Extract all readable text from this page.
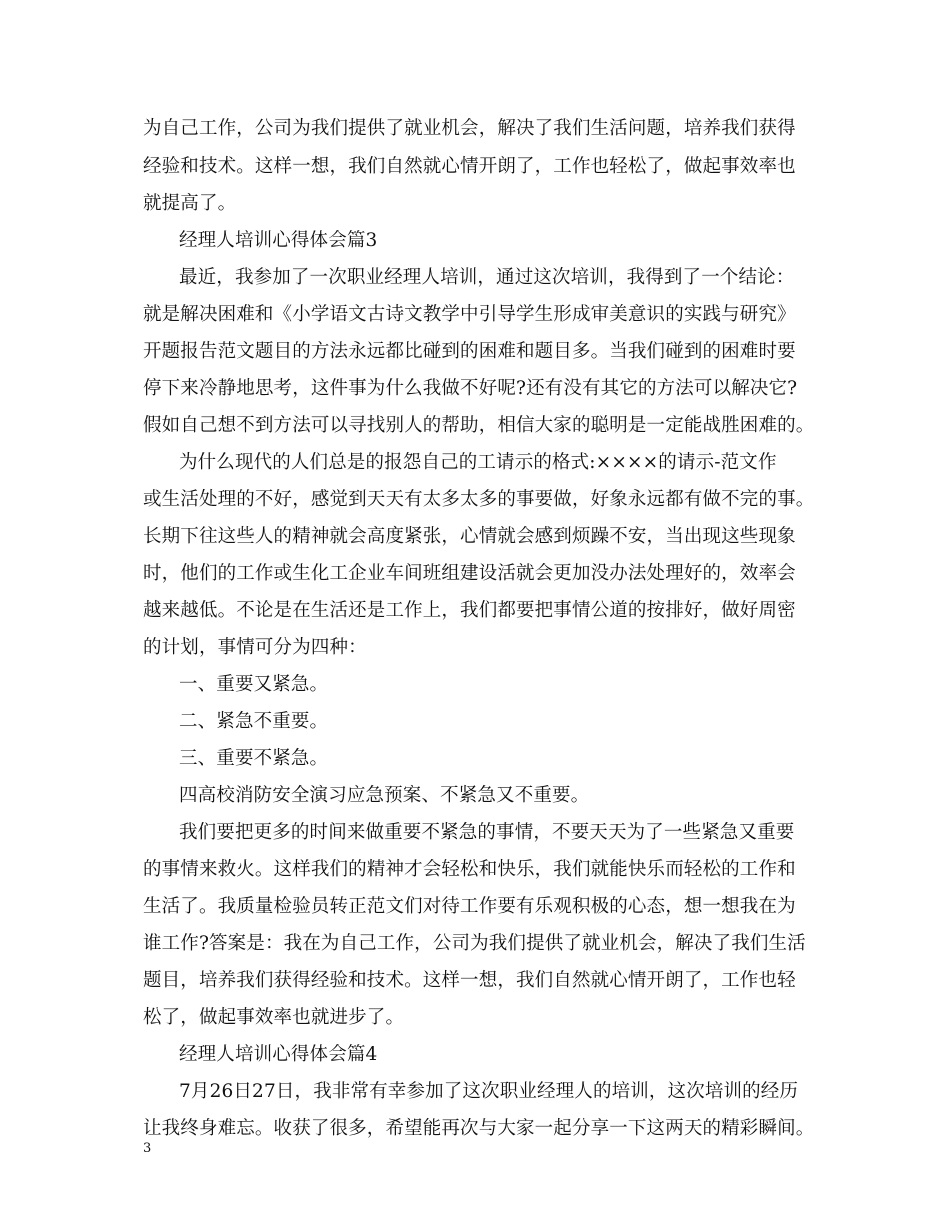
为自己工作，公司为我们提供了就业机会，解决了我们生活问题，培养我们获得
经验和技术。这样一想，我们自然就心情开朗了，工作也轻松了，做起事效率也
就提高了。
经理人培训心得体会篇3
最近，我参加了一次职业经理人培训，通过这次培训，我得到了一个结论：
就是解决困难和《小学语文古诗文教学中引导学生形成审美意识的实践与研究》
开题报告范文题目的方法永远都比碰到的困难和题目多。当我们碰到的困难时要
停下来冷静地思考，这件事为什么我做不好呢?还有没有其它的方法可以解决它?
假如自己想不到方法可以寻找别人的帮助，相信大家的聪明是一定能战胜困难的。
为什么现代的人们总是的报怨自己的工请示的格式:××××的请示-范文作
或生活处理的不好，感觉到天天有太多太多的事要做，好象永远都有做不完的事。
长期下往这些人的精神就会高度紧张，心情就会感到烦躁不安，当出现这些现象
时，他们的工作或生化工企业车间班组建设活就会更加没办法处理好的，效率会
越来越低。不论是在生活还是工作上，我们都要把事情公道的按排好，做好周密
的计划，事情可分为四种：
一、重要又紧急。
二、紧急不重要。
三、重要不紧急。
四高校消防安全演习应急预案、不紧急又不重要。
我们要把更多的时间来做重要不紧急的事情，不要天天为了一些紧急又重要
的事情来救火。这样我们的精神才会轻松和快乐，我们就能快乐而轻松的工作和
生活了。我质量检验员转正范文们对待工作要有乐观积极的心态，想一想我在为
谁工作?答案是：我在为自己工作，公司为我们提供了就业机会，解决了我们生活
题目，培养我们获得经验和技术。这样一想，我们自然就心情开朗了，工作也轻
松了，做起事效率也就进步了。
经理人培训心得体会篇4
7月26日27日，我非常有幸参加了这次职业经理人的培训，这次培训的经历
让我终身难忘。收获了很多，希望能再次与大家一起分享一下这两天的精彩瞬间。
3
